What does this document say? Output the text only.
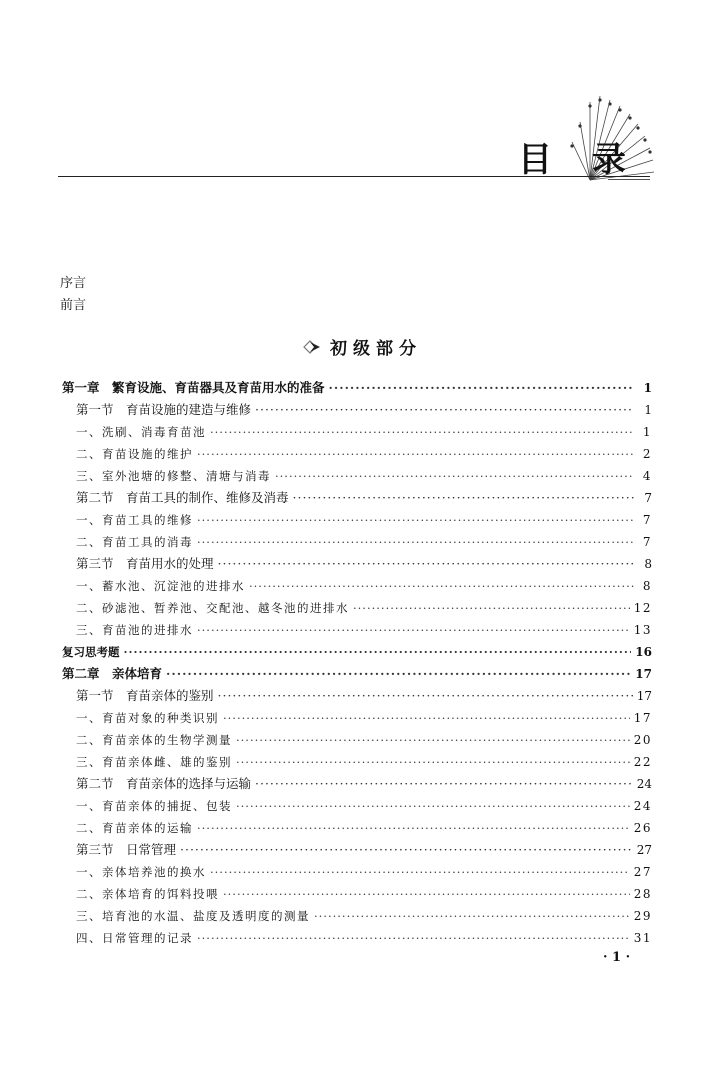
目 录
序言
前言
初级部分
第一章　繁育设施、育苗器具及育苗用水的准备 ·····	1
第一节　育苗设施的建造与维修 ·····	1
一、洗刷、消毒育苗池 ·····	1
二、育苗设施的维护 ·····	2
三、室外池塘的修整、清塘与消毒 ·····	4
第二节　育苗工具的制作、维修及消毒 ·····	7
一、育苗工具的维修 ·····	7
二、育苗工具的消毒 ·····	7
第三节　育苗用水的处理 ·····	8
一、蓄水池、沉淀池的进排水 ·····	8
二、砂滤池、暂养池、交配池、越冬池的进排水 ·····	12
三、育苗池的进排水 ·····	13
复习思考题 ·····	16
第二章　亲体培育 ·····	17
第一节　育苗亲体的鉴别 ·····	17
一、育苗对象的种类识别 ·····	17
二、育苗亲体的生物学测量 ·····	20
三、育苗亲体雌、雄的鉴别 ·····	22
第二节　育苗亲体的选择与运输 ·····	24
一、育苗亲体的捕捉、包装 ·····	24
二、育苗亲体的运输 ·····	26
第三节　日常管理 ·····	27
一、亲体培养池的换水 ·····	27
二、亲体培育的饵料投喂 ·····	28
三、培育池的水温、盐度及透明度的测量 ·····	29
四、日常管理的记录 ·····	31
· 1 ·
